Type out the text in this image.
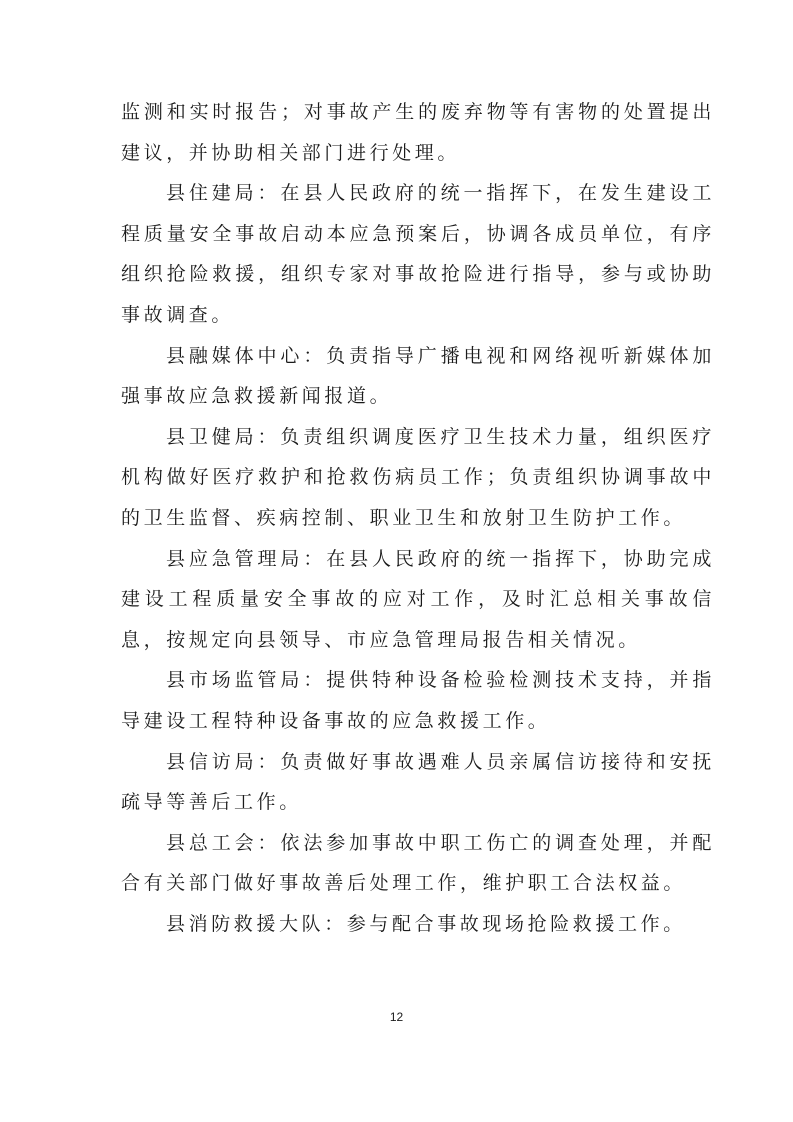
监测和实时报告；对事故产生的废弃物等有害物的处置提出建议，并协助相关部门进行处理。

县住建局：在县人民政府的统一指挥下，在发生建设工程质量安全事故启动本应急预案后，协调各成员单位，有序组织抢险救援，组织专家对事故抢险进行指导，参与或协助事故调查。

县融媒体中心：负责指导广播电视和网络视听新媒体加强事故应急救援新闻报道。

县卫健局：负责组织调度医疗卫生技术力量，组织医疗机构做好医疗救护和抢救伤病员工作；负责组织协调事故中的卫生监督、疾病控制、职业卫生和放射卫生防护工作。

县应急管理局：在县人民政府的统一指挥下，协助完成建设工程质量安全事故的应对工作，及时汇总相关事故信息，按规定向县领导、市应急管理局报告相关情况。

县市场监管局：提供特种设备检验检测技术支持，并指导建设工程特种设备事故的应急救援工作。

县信访局：负责做好事故遇难人员亲属信访接待和安抚疏导等善后工作。

县总工会：依法参加事故中职工伤亡的调查处理，并配合有关部门做好事故善后处理工作，维护职工合法权益。

县消防救援大队：参与配合事故现场抢险救援工作。

12
